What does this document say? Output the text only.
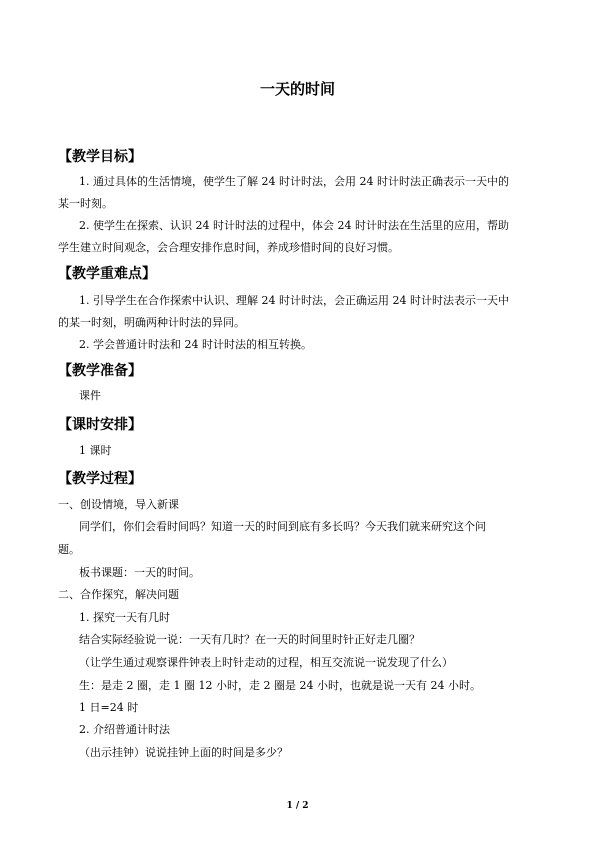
一天的时间
【教学目标】
1. 通过具体的生活情境，使学生了解 24 时计时法，会用 24 时计时法正确表示一天中的
某一时刻。
2. 使学生在探索、认识 24 时计时法的过程中，体会 24 时计时法在生活里的应用，帮助
学生建立时间观念，会合理安排作息时间，养成珍惜时间的良好习惯。
【教学重难点】
1. 引导学生在合作探索中认识、理解 24 时计时法，会正确运用 24 时计时法表示一天中
的某一时刻，明确两种计时法的异同。
2. 学会普通计时法和 24 时计时法的相互转换。
【教学准备】
课件
【课时安排】
1 课时
【教学过程】
一、创设情境，导入新课
同学们，你们会看时间吗？知道一天的时间到底有多长吗？今天我们就来研究这个问
题。
板书课题：一天的时间。
二、合作探究，解决问题
1. 探究一天有几时
结合实际经验说一说：一天有几时？在一天的时间里时针正好走几圈？
（让学生通过观察课件钟表上时针走动的过程，相互交流说一说发现了什么）
生：是走 2 圈，走 1 圈 12 小时，走 2 圈是 24 小时，也就是说一天有 24 小时。
1 日=24 时
2. 介绍普通计时法
（出示挂钟）说说挂钟上面的时间是多少？
1 / 2
